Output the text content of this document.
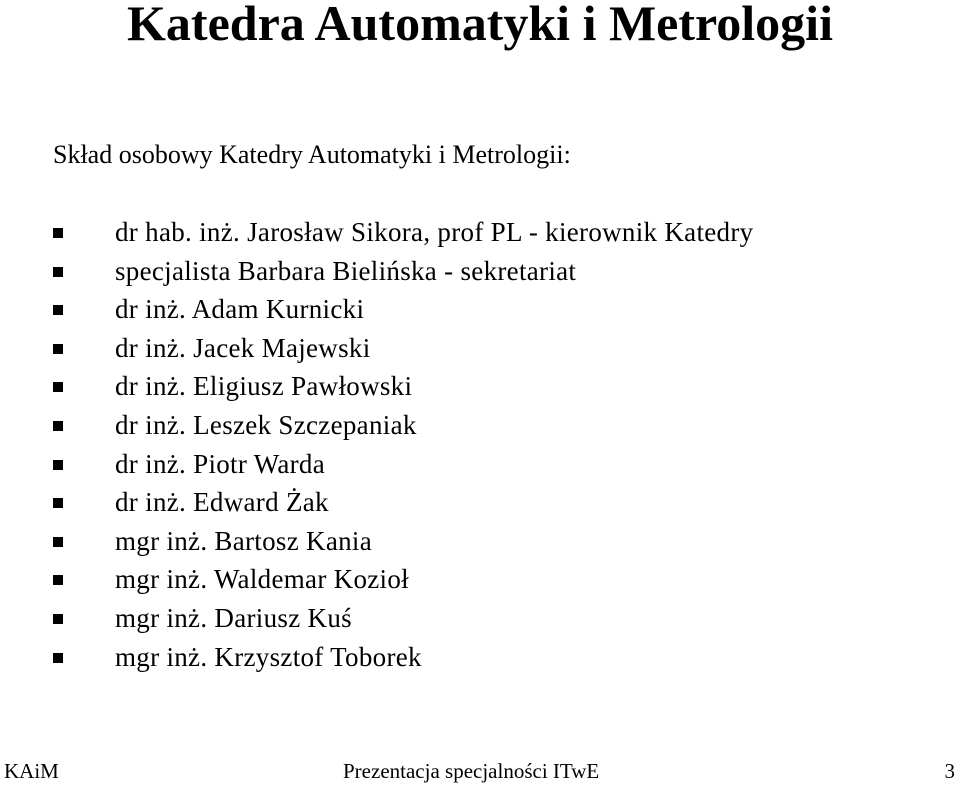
Katedra Automatyki i Metrologii
Skład osobowy Katedry Automatyki i Metrologii:
dr hab. inż. Jarosław Sikora, prof PL - kierownik Katedry
specjalista Barbara Bielińska - sekretariat
dr inż. Adam Kurnicki
dr inż. Jacek Majewski
dr inż. Eligiusz Pawłowski
dr inż. Leszek Szczepaniak
dr inż. Piotr Warda
dr inż. Edward Żak
mgr inż. Bartosz Kania
mgr inż. Waldemar Kozioł
mgr inż. Dariusz Kuś
mgr inż. Krzysztof Toborek
KAiM	Prezentacja specjalności ITwE	3
